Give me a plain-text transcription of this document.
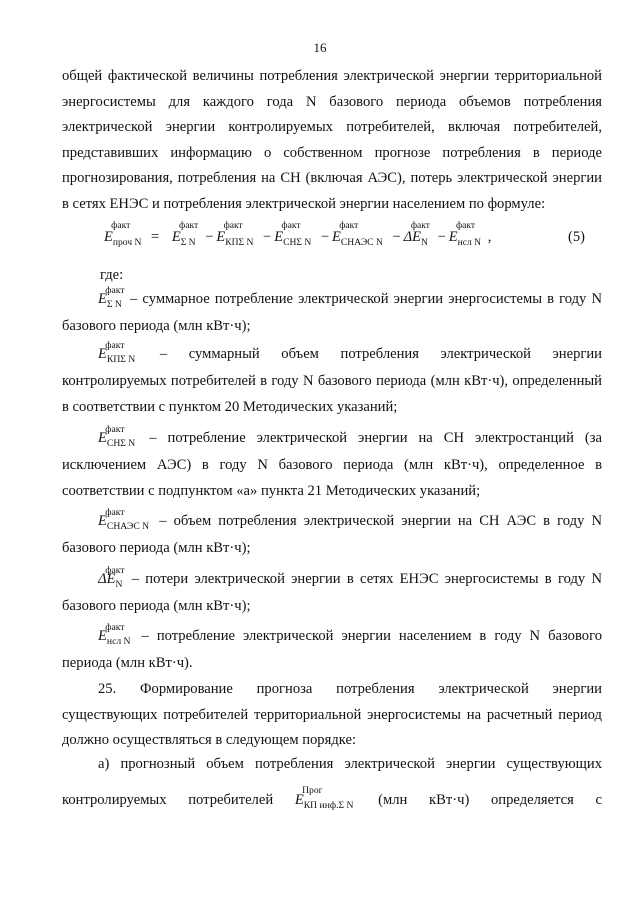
16
общей фактической величины потребления электрической энергии территориальной
энергосистемы для каждого года N базового периода объемов потребления
электрической энергии контролируемых потребителей, включая потребителей,
представивших информацию о собственном прогнозе потребления в периоде
прогнозирования, потребления на СН (включая АЭС), потерь электрической энергии
в сетях ЕНЭС и потребления электрической энергии населением по формуле:
E
факт
$_{проч N}$ = E
факт
$_{\Sigma N}$ − E
факт
$_{КП\Sigma N}$ − E
факт
$_{СН\Sigma N}$ − E
факт
$_{СНАЭС N}$ − ΔE
факт
$_N$ − E
факт
$_{нсл N}$ ,	(5)
где:
E
факт
$_{\Sigma N}$ – суммарное потребление электрической энергии энергосистемы в году N
базового периода (млн кВт·ч);
E
факт
$_{КП\Sigma N}$ – суммарный объем потребления электрической энергии
контролируемых потребителей в году N базового периода (млн кВт·ч), определенный
в соответствии с пунктом 20 Методических указаний;
E
факт
$_{СН\Sigma N}$ – потребление электрической энергии на СН электростанций (за
исключением АЭС) в году N базового периода (млн кВт·ч), определенное в
соответствии с подпунктом «а» пункта 21 Методических указаний;
E
факт
$_{СНАЭС N}$ – объем потребления электрической энергии на СН АЭС в году N
базового периода (млн кВт·ч);
ΔE
факт
$_N$ – потери электрической энергии в сетях ЕНЭС энергосистемы в году N
базового периода (млн кВт·ч);
E
факт
$_{нсл N}$ – потребление электрической энергии населением в году N базового
периода (млн кВт·ч).
25. Формирование прогноза потребления электрической энергии
существующих потребителей территориальной энергосистемы на расчетный период
должно осуществляться в следующем порядке:
а) прогнозный объем потребления электрической энергии существующих
контролируемых потребителей E
Прог
$_{КП инф.\Sigma N}$ (млн кВт·ч) определяется с
